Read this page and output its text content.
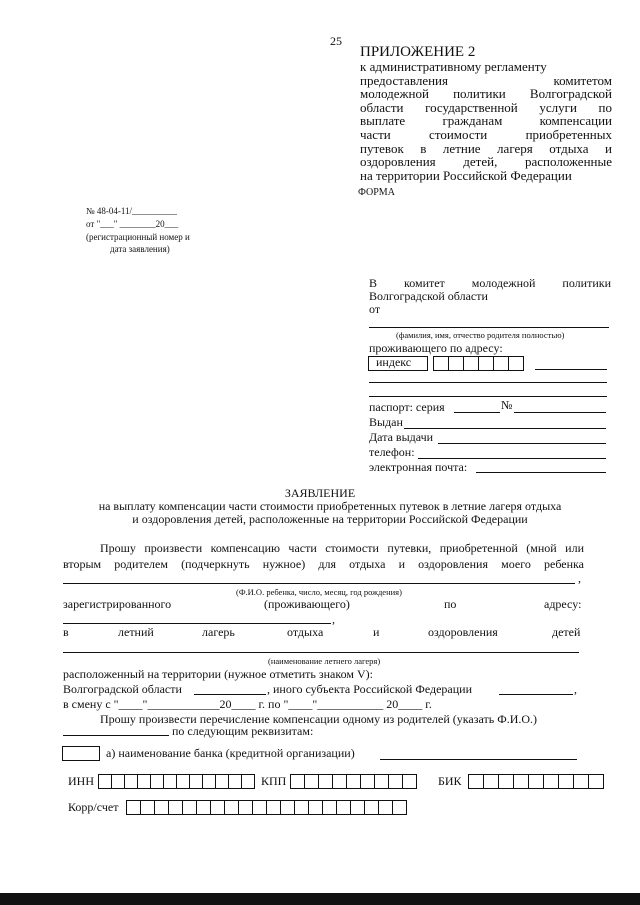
25
ПРИЛОЖЕНИЕ 2
к административному регламенту
предоставления комитетом
молодежной политики Волгоградской
области государственной услуги по
выплате гражданам компенсации
части стоимости приобретенных
путевок в летние лагеря отдыха и
оздоровления детей, расположенные
на территории Российской Федерации
ФОРМА
№ 48-04-11/__________
от "___" ________20___
(регистрационный номер и
дата заявления)
В комитет молодежной политики
Волгоградской области
от
(фамилия, имя, отчество родителя полностью)
проживающего по адресу:
индекс
паспорт: серия	№
Выдан
Дата выдачи
телефон:
электронная почта:
ЗАЯВЛЕНИЕ
на выплату компенсации части стоимости приобретенных путевок в летние лагеря отдыха
и оздоровления детей, расположенные на территории Российской Федерации
Прошу произвести компенсацию части стоимости путевки, приобретенной (мной или
вторым родителем (подчеркнуть нужное) для отдыха и оздоровления моего ребенка
,
(Ф.И.О. ребенка, число, месяц, год рождения)
зарегистрированного	(проживающего)	по	адресу:
,
в	летний	лагерь	отдыха	и	оздоровления	детей
(наименование летнего лагеря)
расположенный на территории (нужное отметить знаком V):
Волгоградской области	, иного субъекта Российской Федерации	,
в смену с "____"____________20____ г. по "____"___________ 20____ г.
Прошу произвести перечисление компенсации одному из родителей (указать Ф.И.О.)
по следующим реквизитам:
а) наименование банка (кредитной организации)
ИНН	КПП	БИК
Корр/счет
